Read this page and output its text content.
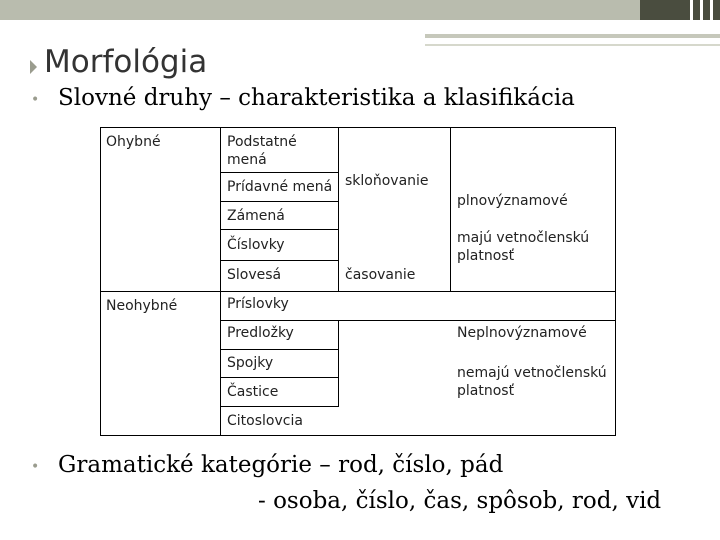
Morfológia
• Slovné druhy – charakteristika a klasifikácia
Ohybné
Neohybné
Podstatné mená
Prídavné mená
Zámená
Číslovky
Slovesá
Príslovky
Predložky
Spojky
Častice
Citoslovcia
skloňovanie
časovanie
plnovýznamové
majú vetnočlenskú platnosť
Neplnovýznamové
nemajú vetnočlenskú platnosť
• Gramatické kategórie – rod, číslo, pád
- osoba, číslo, čas, spôsob, rod, vid
